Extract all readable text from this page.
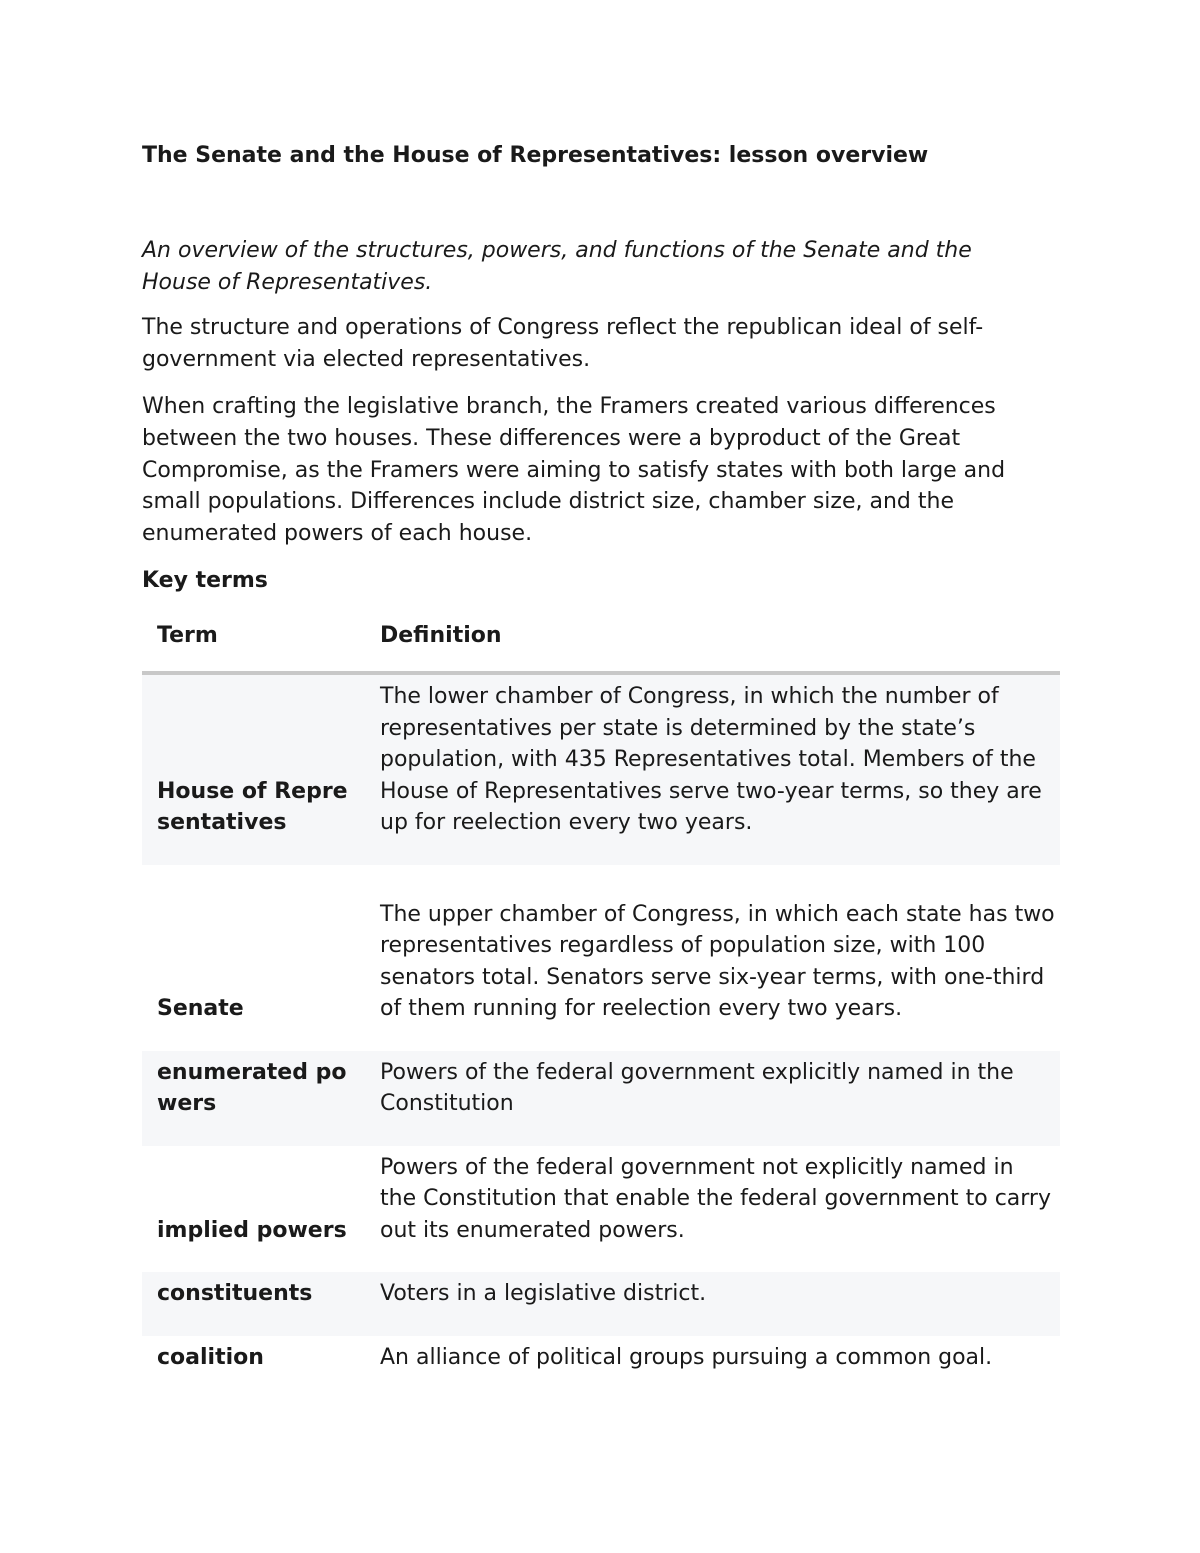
The Senate and the House of Representatives: lesson overview

An overview of the structures, powers, and functions of the Senate and the House of Representatives.

The structure and operations of Congress reflect the republican ideal of self-government via elected representatives.

When crafting the legislative branch, the Framers created various differences between the two houses. These differences were a byproduct of the Great Compromise, as the Framers were aiming to satisfy states with both large and small populations. Differences include district size, chamber size, and the enumerated powers of each house.

Key terms
Term	Definition
House of Representatives	The lower chamber of Congress, in which the number of representatives per state is determined by the state’s population, with 435 Representatives total. Members of the House of Representatives serve two-year terms, so they are up for reelection every two years.
Senate	The upper chamber of Congress, in which each state has two representatives regardless of population size, with 100 senators total. Senators serve six-year terms, with one-third of them running for reelection every two years.
enumerated powers	Powers of the federal government explicitly named in the Constitution
implied powers	Powers of the federal government not explicitly named in the Constitution that enable the federal government to carry out its enumerated powers.
constituents	Voters in a legislative district.
coalition	An alliance of political groups pursuing a common goal.
